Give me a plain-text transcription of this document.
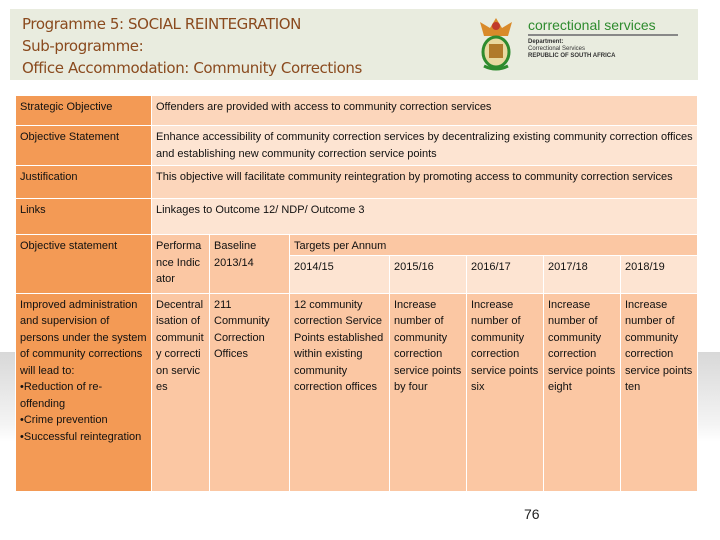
Programme 5: SOCIAL REINTEGRATION
Sub-programme:
Office Accommodation: Community Corrections
correctional services
Department:
Correctional Services
REPUBLIC OF SOUTH AFRICA
Strategic Objective	Offenders are provided with access to community correction services						
Objective Statement	Enhance accessibility of community correction services by decentralizing existing community correction offices and establishing new community correction service points						
Justification	This objective will facilitate community reintegration by promoting access to community correction services						
Links	Linkages to Outcome 12/ NDP/ Outcome 3						
Objective statement	Performance Indicator	Baseline 2013/14	Targets per Annum				
			2014/15	2015/16	2016/17	2017/18	2018/19

Improved administration and supervision of persons under the system of community corrections will lead to:
•Reduction of re-offending
•Crime prevention
•Successful reintegration	Decentralisation of community correction services	211 Community Correction Offices	12 community correction Service Points established within existing community correction offices	Increase number of community correction service points by four	Increase number of community correction service points six	Increase number of community correction service points eight	Increase number of community correction service points ten
76
